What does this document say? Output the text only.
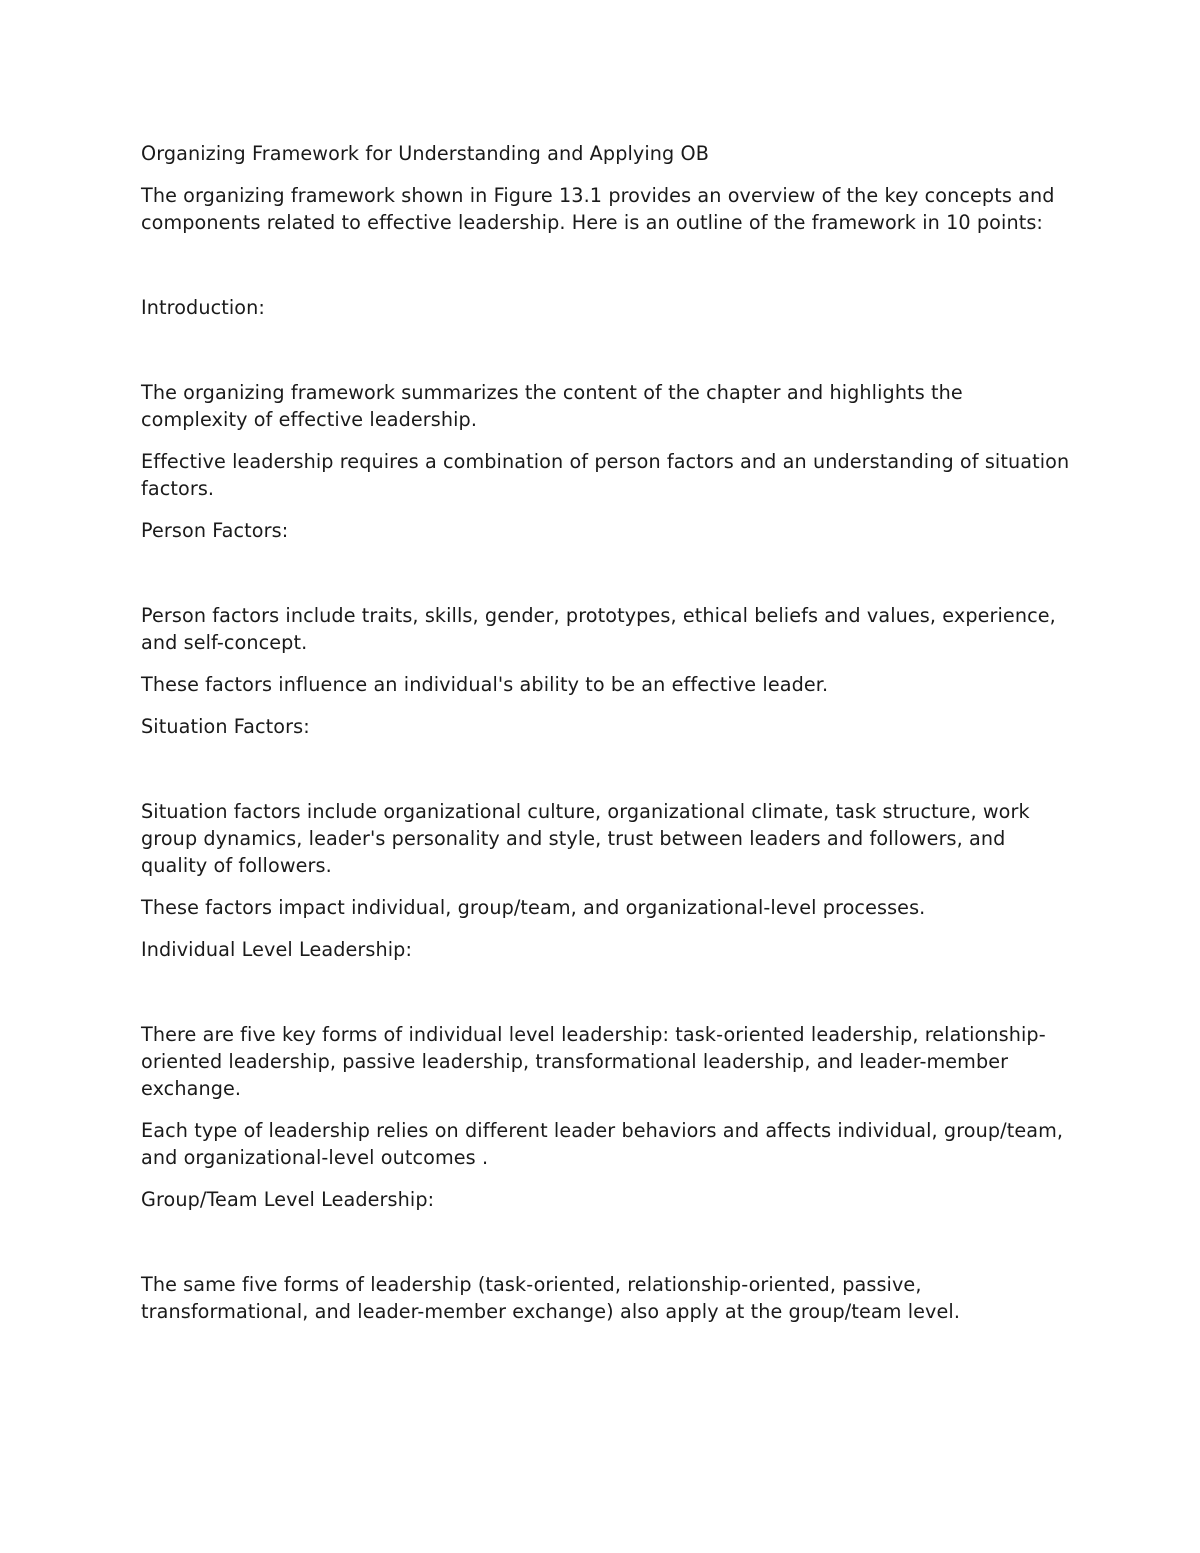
Organizing Framework for Understanding and Applying OB

The organizing framework shown in Figure 13.1 provides an overview of the key concepts and components related to effective leadership. Here is an outline of the framework in 10 points:

Introduction:

The organizing framework summarizes the content of the chapter and highlights the complexity of effective leadership.

Effective leadership requires a combination of person factors and an understanding of situation factors.

Person Factors:

Person factors include traits, skills, gender, prototypes, ethical beliefs and values, experience, and self-concept.

These factors influence an individual's ability to be an effective leader.

Situation Factors:

Situation factors include organizational culture, organizational climate, task structure, work group dynamics, leader's personality and style, trust between leaders and followers, and quality of followers.

These factors impact individual, group/team, and organizational-level processes.

Individual Level Leadership:

There are five key forms of individual level leadership: task-oriented leadership, relationship-oriented leadership, passive leadership, transformational leadership, and leader-member exchange.

Each type of leadership relies on different leader behaviors and affects individual, group/team, and organizational-level outcomes .

Group/Team Level Leadership:

The same five forms of leadership (task-oriented, relationship-oriented, passive, transformational, and leader-member exchange) also apply at the group/team level.
